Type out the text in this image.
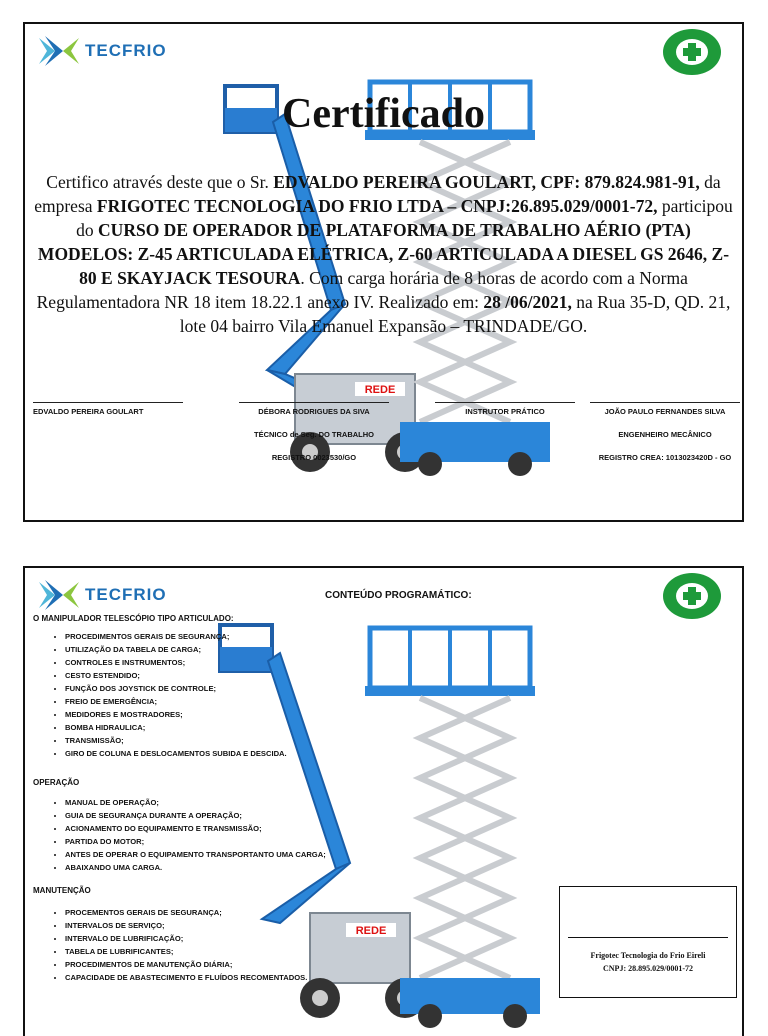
TECFRIO
REDE
Certificado

Certifico através deste que o Sr. EDVALDO PEREIRA GOULART, CPF: 879.824.981-91, da empresa FRIGOTEC TECNOLOGIA DO FRIO LTDA – CNPJ:26.895.029/0001-72, participou do CURSO DE OPERADOR DE PLATAFORMA DE TRABALHO AÉRIO (PTA) MODELOS: Z-45 ARTICULADA ELÉTRICA, Z-60 ARTICULADA A DIESEL GS 2646, Z-80 E SKAYJACK TESOURA. Com carga horária de 8 horas de acordo com a Norma Regulamentadora NR 18 item 18.22.1 anexo IV. Realizado em: 28 /06/2021, na Rua 35-D, QD. 21, lote 04 bairro Vila Emanuel Expansão – TRINDADE/GO.

EDVALDO PEREIRA GOULART	DÉBORA RODRIGUES DA SIVA
TÉCNICO de Seg. DO TRABALHO
REGISTRO 0023530/GO
INSTRUTOR PRÁTICO	JOÃO PAULO FERNANDES SILVA
ENGENHEIRO MECÂNICO
REGISTRO CREA: 1013023420D - GO
TECFRIO
REDE
CONTEÚDO PROGRAMÁTICO:

O MANIPULADOR TELESCÓPIO TIPO ARTICULADO:

• PROCEDIMENTOS GERAIS DE SEGURANÇA;
• UTILIZAÇÃO DA TABELA DE CARGA;
• CONTROLES E INSTRUMENTOS;
• CESTO ESTENDIDO;
• FUNÇÃO DOS JOYSTICK DE CONTROLE;
• FREIO DE EMERGÊNCIA;
• MEDIDORES E MOSTRADORES;
• BOMBA HIDRAULICA;
• TRANSMISSÃO;
• GIRO DE COLUNA E DESLOCAMENTOS SUBIDA E DESCIDA.

OPERAÇÃO

• MANUAL DE OPERAÇÃO;
• GUIA DE SEGURANÇA DURANTE A OPERAÇÃO;
• ACIONAMENTO DO EQUIPAMENTO E TRANSMISSÃO;
• PARTIDA DO MOTOR;
• ANTES DE OPERAR O EQUIPAMENTO TRANSPORTANTO UMA CARGA;
• ABAIXANDO UMA CARGA.

MANUTENÇÃO

• PROCEMENTOS GERAIS DE SEGURANÇA;
• INTERVALOS DE SERVIÇO;
• INTERVALO DE LUBRIFICAÇÃO;
• TABELA DE LUBRIFICANTES;
• PROCEDIMENTOS DE MANUTENÇÃO DIÁRIA;
• CAPACIDADE DE ABASTECIMENTO E FLUÍDOS RECOMENTADOS.
Frigotec Tecnologia do Frio Eireli
CNPJ: 28.895.029/0001-72
